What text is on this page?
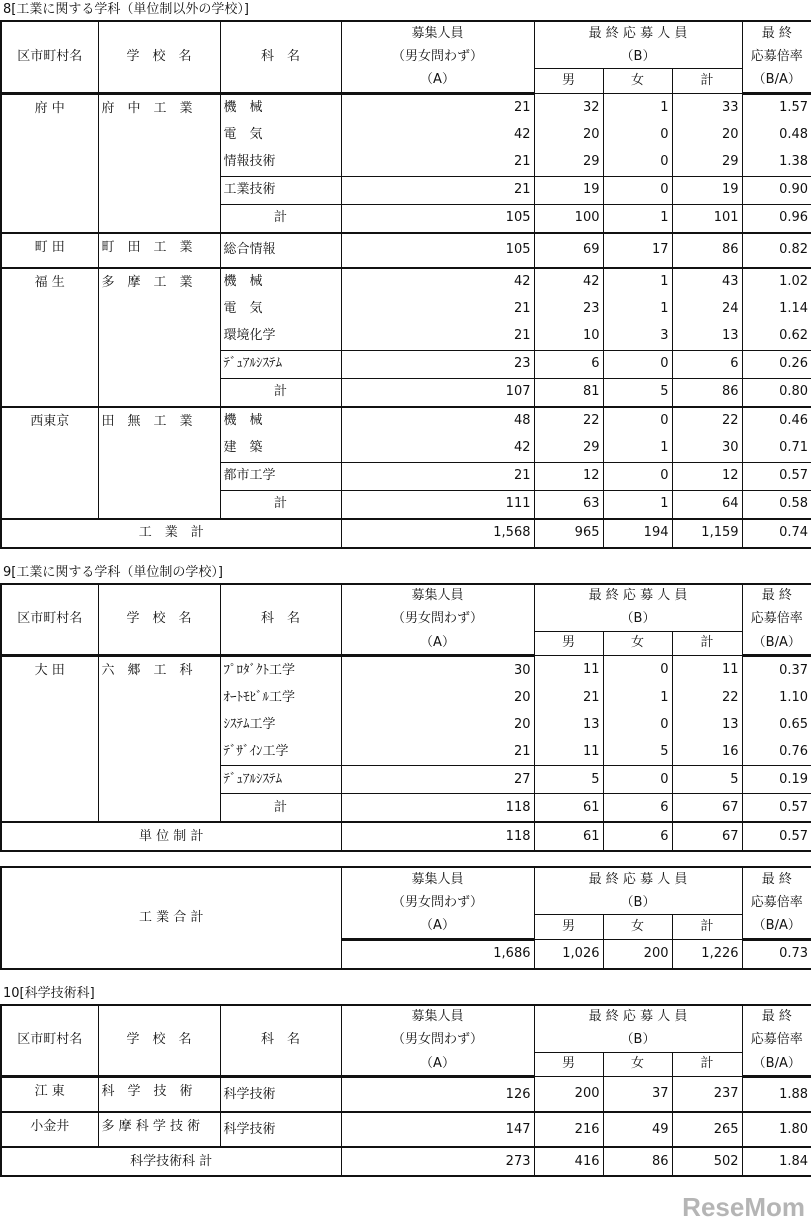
8[工業に関する学科（単位制以外の学校）]
区市町村名	学　校　名	科　名	募集人員	最 終 応 募 人 員			最 終
			（男女問わず）	（B）			応募倍率
			（A）	男	女	計	（B/A）
府 中	府　中　工　業	機　械	21	32	1	33	1.57
		電　気	42	20	0	20	0.48
		情報技術	21	29	0	29	1.38
		工業技術	21	19	0	19	0.90
		計	105	100	1	101	0.96
町 田	町　田　工　業	総合情報	105	69	17	86	0.82
福 生	多　摩　工　業	機　械	42	42	1	43	1.02
		電　気	21	23	1	24	1.14
		環境化学	21	10	3	13	0.62
		ﾃﾞｭｱﾙｼｽﾃﾑ	23	6	0	6	0.26
		計	107	81	5	86	0.80
西東京	田　無　工　業	機　械	48	22	0	22	0.46
		建　築	42	29	1	30	0.71
		都市工学	21	12	0	12	0.57
		計	111	63	1	64	0.58
工　業　計			1,568	965	194	1,159	0.74
9[工業に関する学科（単位制の学校）]
区市町村名	学　校　名	科　名	募集人員	最 終 応 募 人 員			最 終
			（男女問わず）	（B）			応募倍率
			（A）	男	女	計	（B/A）
大 田	六　郷　工　科	ﾌﾟﾛﾀﾞｸﾄ工学	30	11	0	11	0.37
		ｵｰﾄﾓﾋﾞﾙ工学	20	21	1	22	1.10
		ｼｽﾃﾑ工学	20	13	0	13	0.65
		ﾃﾞｻﾞｲﾝ工学	21	11	5	16	0.76
		ﾃﾞｭｱﾙｼｽﾃﾑ	27	5	0	5	0.19
		計	118	61	6	67	0.57
単 位 制 計			118	61	6	67	0.57
工 業 合 計	募集人員	最 終 応 募 人 員			最 終
	（男女問わず）	（B）			応募倍率
	（A）	男	女	計	（B/A）
	1,686	1,026	200	1,226	0.73
10[科学技術科]
区市町村名	学　校　名	科　名	募集人員	最 終 応 募 人 員			最 終
			（男女問わず）	（B）			応募倍率
			（A）	男	女	計	（B/A）
江 東	科　学　技　術	科学技術	126	200	37	237	1.88
小金井	多 摩 科 学 技 術	科学技術	147	216	49	265	1.80
科学技術科 計			273	416	86	502	1.84
ReseMom
